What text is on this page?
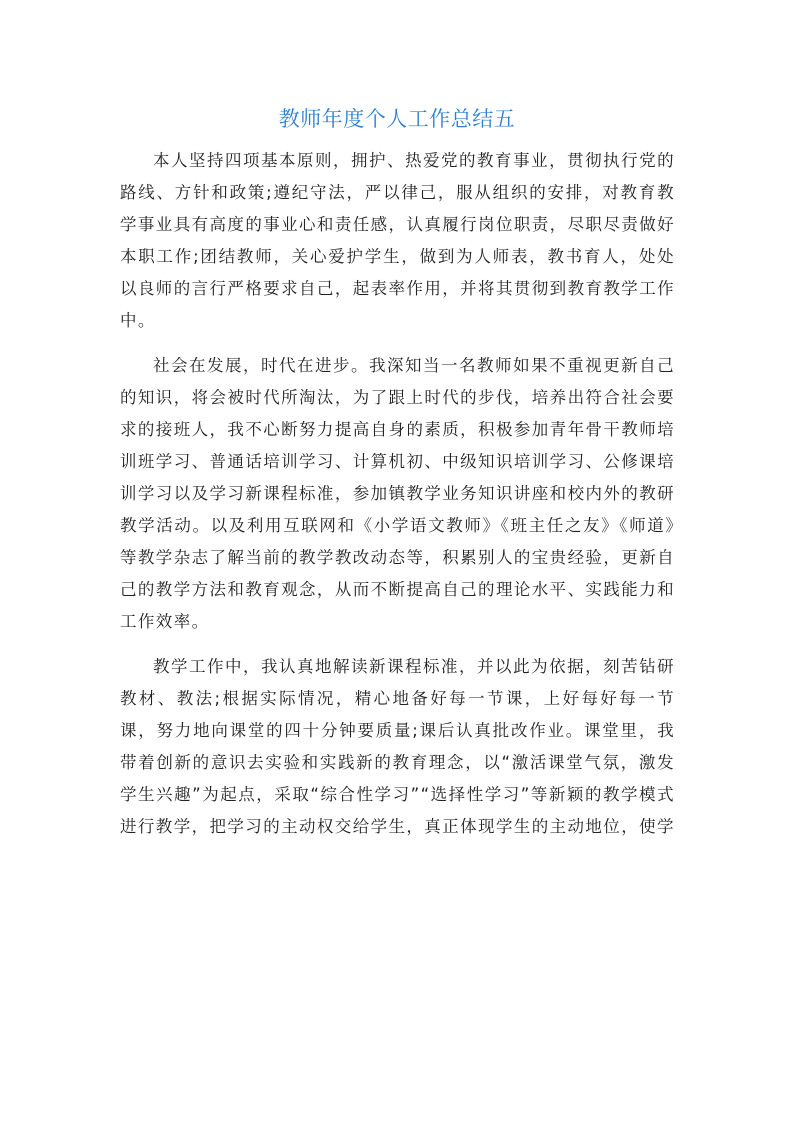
教师年度个人工作总结五

本人坚持四项基本原则，拥护、热爱党的教育事业，贯彻执行党的路线、方针和政策;遵纪守法，严以律己，服从组织的安排，对教育教学事业具有高度的事业心和责任感，认真履行岗位职责，尽职尽责做好本职工作;团结教师，关心爱护学生，做到为人师表，教书育人，处处以良师的言行严格要求自己，起表率作用，并将其贯彻到教育教学工作中。

社会在发展，时代在进步。我深知当一名教师如果不重视更新自己的知识，将会被时代所淘汰，为了跟上时代的步伐，培养出符合社会要求的接班人，我不心断努力提高自身的素质，积极参加青年骨干教师培训班学习、普通话培训学习、计算机初、中级知识培训学习、公修课培训学习以及学习新课程标准，参加镇教学业务知识讲座和校内外的教研教学活动。以及利用互联网和《小学语文教师》《班主任之友》《师道》等教学杂志了解当前的教学教改动态等，积累别人的宝贵经验，更新自己的教学方法和教育观念，从而不断提高自己的理论水平、实践能力和工作效率。

教学工作中，我认真地解读新课程标准，并以此为依据，刻苦钻研教材、教法;根据实际情况，精心地备好每一节课，上好每好每一节课，努力地向课堂的四十分钟要质量;课后认真批改作业。课堂里，我带着创新的意识去实验和实践新的教育理念，以“激活课堂气氛，激发学生兴趣”为起点，采取“综合性学习”“选择性学习”等新颖的教学模式进行教学，把学习的主动权交给学生，真正体现学生的主动地位，使学
